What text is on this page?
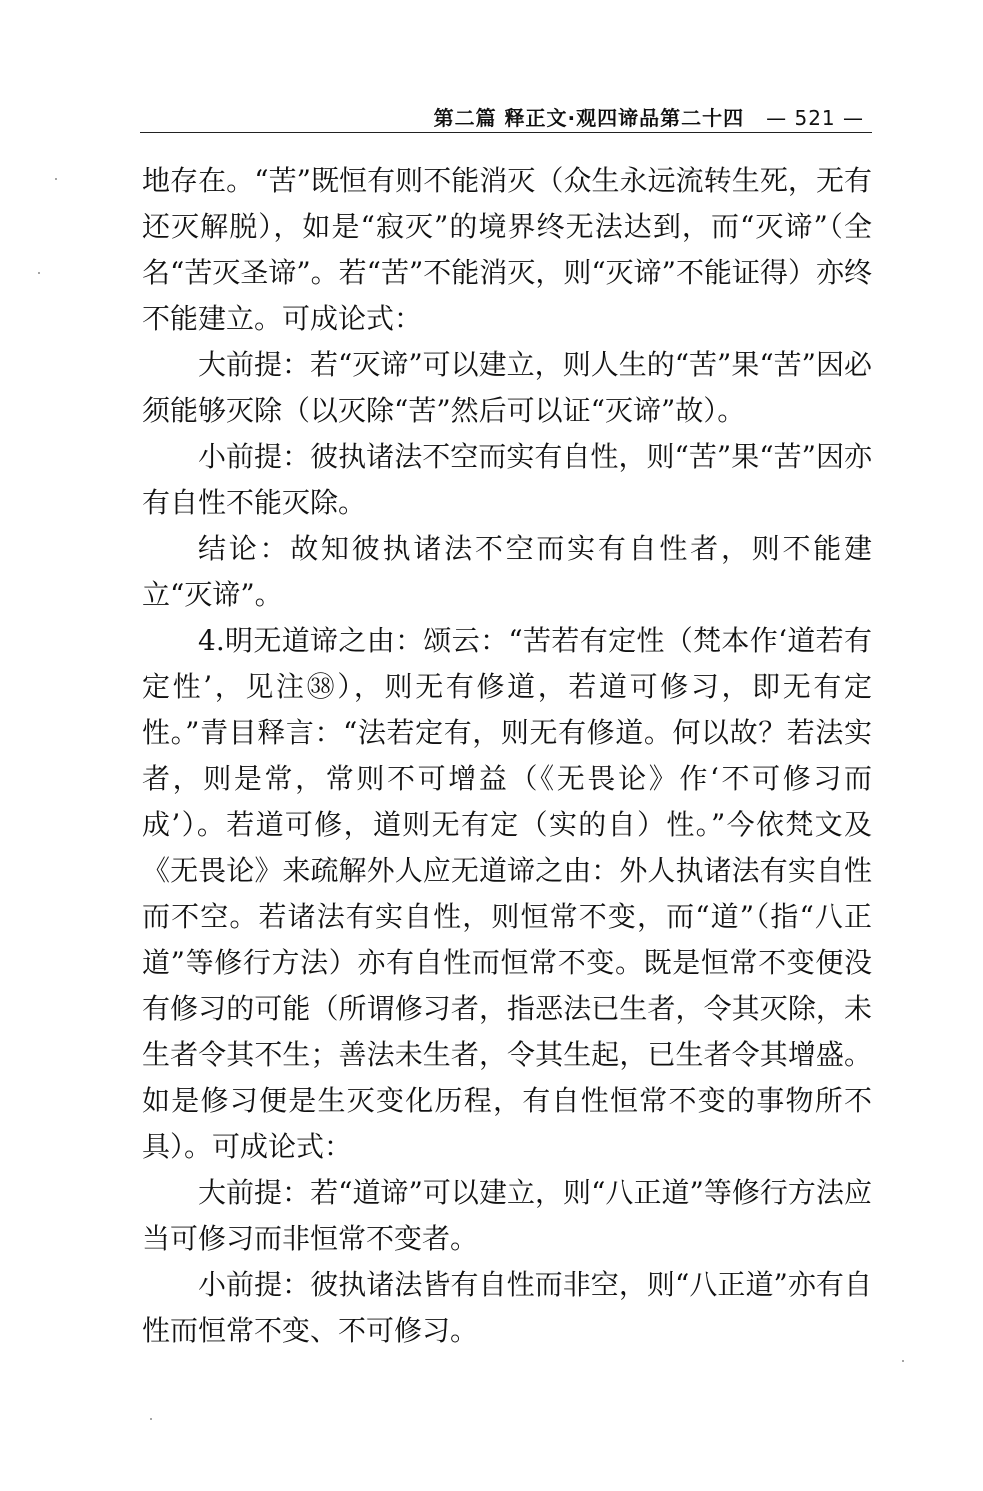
第二篇 释正文·观四谛品第二十四 — 521 —

地存在。“苦”既恒有则不能消灭（众生永远流转生死，无有还灭解脱），如是“寂灭”的境界终无法达到，而“灭谛”（全名“苦灭圣谛”。若“苦”不能消灭，则“灭谛”不能证得）亦终不能建立。可成论式：

大前提：若“灭谛”可以建立，则人生的“苦”果“苦”因必须能够灭除（以灭除“苦”然后可以证“灭谛”故）。

小前提：彼执诸法不空而实有自性，则“苦”果“苦”因亦有自性不能灭除。

结论：故知彼执诸法不空而实有自性者，则不能建立“灭谛”。

4.明无道谛之由：颂云：“苦若有定性（梵本作‘道若有定性’，见注㊳），则无有修道，若道可修习，即无有定性。”青目释言：“法若定有，则无有修道。何以故？若法实者，则是常，常则不可增益（《无畏论》作‘不可修习而成’）。若道可修，道则无有定（实的自）性。”今依梵文及《无畏论》来疏解外人应无道谛之由：外人执诸法有实自性而不空。若诸法有实自性，则恒常不变，而“道”（指“八正道”等修行方法）亦有自性而恒常不变。既是恒常不变便没有修习的可能（所谓修习者，指恶法已生者，令其灭除，未生者令其不生；善法未生者，令其生起，已生者令其增盛。如是修习便是生灭变化历程，有自性恒常不变的事物所不具）。可成论式：

大前提：若“道谛”可以建立，则“八正道”等修行方法应当可修习而非恒常不变者。

小前提：彼执诸法皆有自性而非空，则“八正道”亦有自性而恒常不变、不可修习。
